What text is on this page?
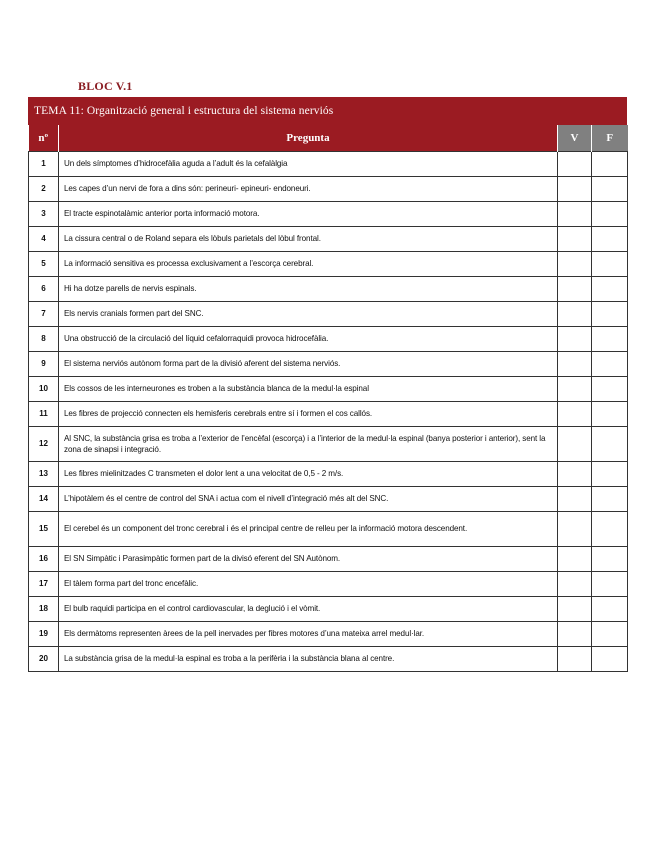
BLOC V.1
TEMA 11: Organització general i estructura del sistema nerviós
nº	Pregunta	V	F
1	Un dels símptomes d’hidrocefàlia aguda a l’adult és la cefalàlgia		
2	Les capes d’un nervi de fora a dins són: perineuri- epineuri- endoneuri.		
3	El tracte espinotalàmic anterior porta informació motora.		
4	La cissura central o de Roland separa els lòbuls parietals del lòbul frontal.		
5	La informació sensitiva es processa exclusivament a l’escorça cerebral.		
6	Hi ha dotze parells de nervis espinals.		
7	Els nervis cranials formen part del SNC.		
8	Una obstrucció de la circulació del líquid cefalorraquidi provoca hidrocefàlia.		
9	El sistema nerviós autònom forma part de la divisió aferent del sistema nerviós.		
10	Els cossos de les interneurones es troben a la substància blanca de la medul·la espinal		
11	Les fibres de projecció connecten els hemisferis cerebrals entre sí i formen el cos callós.		
12	Al SNC, la substància grisa es troba a l’exterior de l’encèfal (escorça) i a l’interior de la medul·la espinal (banya posterior i anterior), sent la zona de sinapsi i integració.		
13	Les fibres mielinitzades C transmeten el dolor lent a una velocitat de 0,5 - 2 m/s.		
14	L’hipotàlem és el centre de control del SNA i actua com el nivell d’integració més alt del SNC.		
15	El cerebel és un component del tronc cerebral i és el principal centre de relleu per la informació motora descendent.		
16	El SN Simpàtic i Parasimpàtic formen part de la divisó eferent del SN Autònom.		
17	El tàlem forma part del tronc encefàlic.		
18	El bulb raquidi participa en el control cardiovascular, la deglució i el vòmit.		
19	Els dermàtoms representen àrees de la pell inervades per fibres motores d’una mateixa arrel medul·lar.		
20	La substància grisa de la medul·la espinal es troba a la perifèria i la substància blana al centre.		
